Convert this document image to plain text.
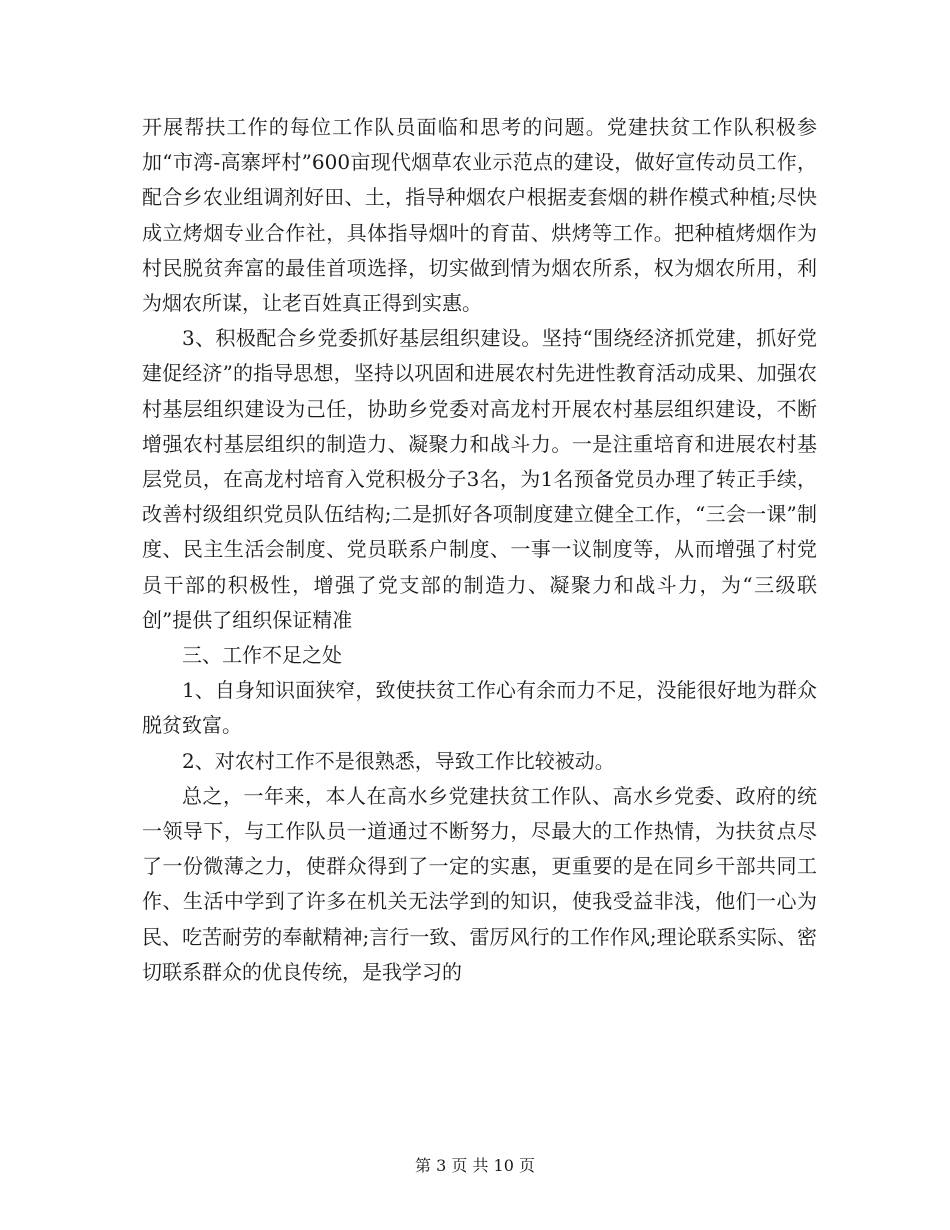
开展帮扶工作的每位工作队员面临和思考的问题。党建扶贫工作队积极参加“市湾-高寨坪村”600亩现代烟草农业示范点的建设，做好宣传动员工作，配合乡农业组调剂好田、土，指导种烟农户根据麦套烟的耕作模式种植;尽快成立烤烟专业合作社，具体指导烟叶的育苗、烘烤等工作。把种植烤烟作为村民脱贫奔富的最佳首项选择，切实做到情为烟农所系，权为烟农所用，利为烟农所谋，让老百姓真正得到实惠。

3、积极配合乡党委抓好基层组织建设。坚持“围绕经济抓党建，抓好党建促经济”的指导思想，坚持以巩固和进展农村先进性教育活动成果、加强农村基层组织建设为己任，协助乡党委对高龙村开展农村基层组织建设，不断增强农村基层组织的制造力、凝聚力和战斗力。一是注重培育和进展农村基层党员，在高龙村培育入党积极分子3名，为1名预备党员办理了转正手续，改善村级组织党员队伍结构;二是抓好各项制度建立健全工作，“三会一课”制度、民主生活会制度、党员联系户制度、一事一议制度等，从而增强了村党员干部的积极性，增强了党支部的制造力、凝聚力和战斗力，为“三级联创”提供了组织保证精准

三、工作不足之处

1、自身知识面狭窄，致使扶贫工作心有余而力不足，没能很好地为群众脱贫致富。

2、对农村工作不是很熟悉，导致工作比较被动。

总之，一年来，本人在高水乡党建扶贫工作队、高水乡党委、政府的统一领导下，与工作队员一道通过不断努力，尽最大的工作热情，为扶贫点尽了一份微薄之力，使群众得到了一定的实惠，更重要的是在同乡干部共同工作、生活中学到了许多在机关无法学到的知识，使我受益非浅，他们一心为民、吃苦耐劳的奉献精神;言行一致、雷厉风行的工作作风;理论联系实际、密切联系群众的优良传统，是我学习的

第 3 页 共 10 页
